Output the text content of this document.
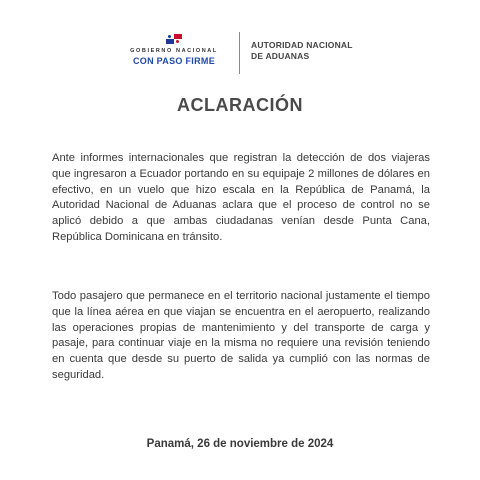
GOBIERNO NACIONAL
CON PASO FIRME
AUTORIDAD NACIONAL
DE ADUANAS
ACLARACIÓN
Ante informes internacionales que registran la detección de dos viajeras que ingresaron a Ecuador portando en su equipaje 2 millones de dólares en efectivo, en un vuelo que hizo escala en la República de Panamá, la Autoridad Nacional de Aduanas aclara que el proceso de control no se aplicó debido a que ambas ciudadanas venían desde Punta Cana, República Dominicana en tránsito.
Todo pasajero que permanece en el territorio nacional justamente el tiempo que la línea aérea en que viajan se encuentra en el aeropuerto, realizando las operaciones propias de mantenimiento y del transporte de carga y pasaje, para continuar viaje en la misma no requiere una revisión teniendo en cuenta que desde su puerto de salida ya cumplió con las normas de seguridad.
Panamá, 26 de noviembre de 2024
